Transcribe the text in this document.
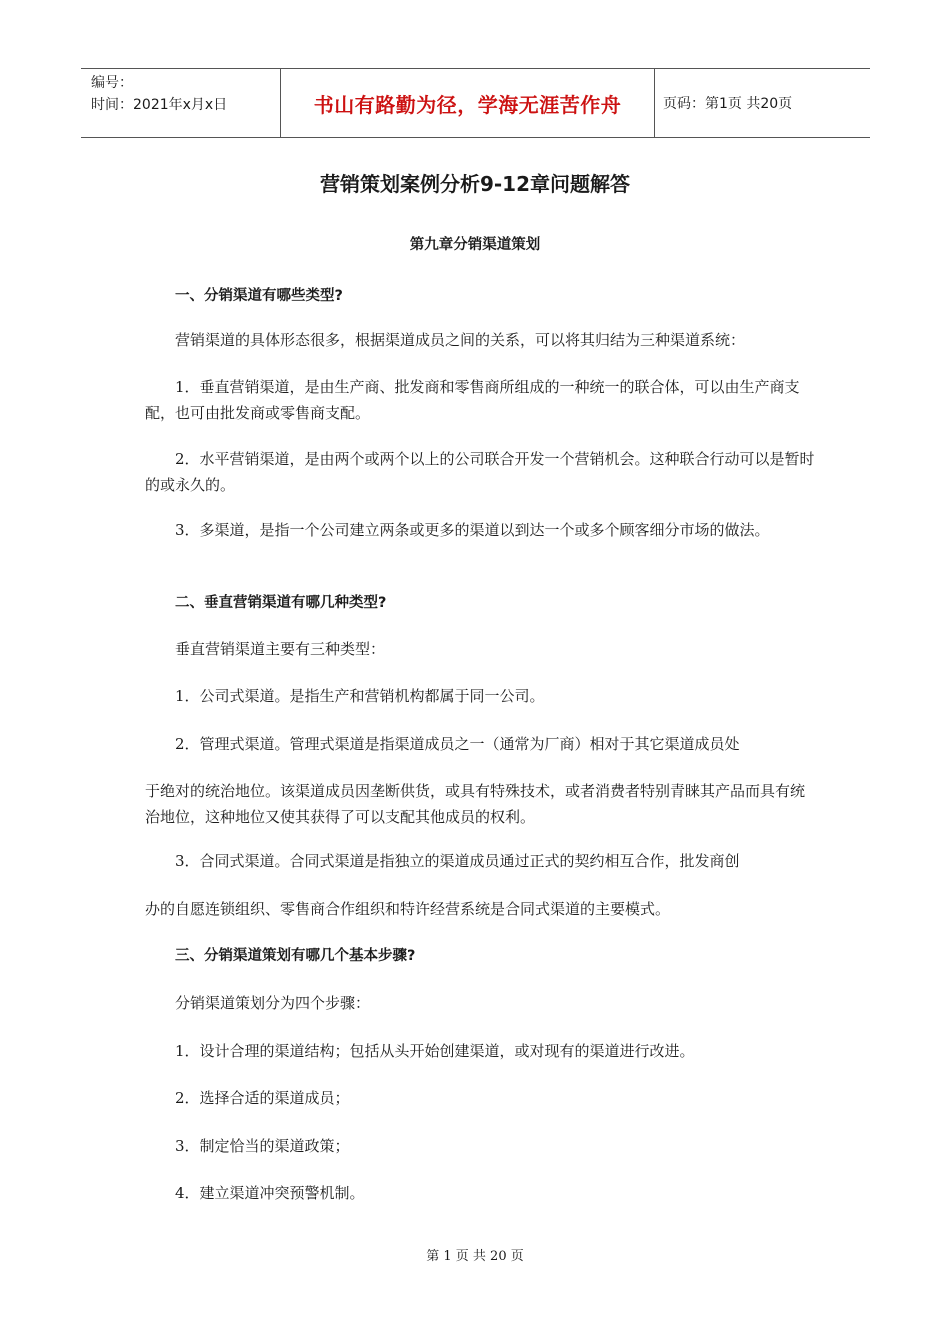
编号：
时间：2021年x月x日	书山有路勤为径，学海无涯苦作舟	页码：第1页 共20页
营销策划案例分析9-12章问题解答
第九章分销渠道策划

一、分销渠道有哪些类型?

营销渠道的具体形态很多，根据渠道成员之间的关系，可以将其归结为三种渠道系统：

1．垂直营销渠道，是由生产商、批发商和零售商所组成的一种统一的联合体，可以由生产商支配，也可由批发商或零售商支配。

2．水平营销渠道，是由两个或两个以上的公司联合开发一个营销机会。这种联合行动可以是暂时的或永久的。

3．多渠道，是指一个公司建立两条或更多的渠道以到达一个或多个顾客细分市场的做法。

二、垂直营销渠道有哪几种类型?

垂直营销渠道主要有三种类型：

1．公司式渠道。是指生产和营销机构都属于同一公司。

2．管理式渠道。管理式渠道是指渠道成员之一（通常为厂商）相对于其它渠道成员处

于绝对的统治地位。该渠道成员因垄断供货，或具有特殊技术，或者消费者特别青睐其产品而具有统治地位，这种地位又使其获得了可以支配其他成员的权利。

3．合同式渠道。合同式渠道是指独立的渠道成员通过正式的契约相互合作，批发商创

办的自愿连锁组织、零售商合作组织和特许经营系统是合同式渠道的主要模式。

三、分销渠道策划有哪几个基本步骤?

分销渠道策划分为四个步骤：

1．设计合理的渠道结构；包括从头开始创建渠道，或对现有的渠道进行改进。

2．选择合适的渠道成员；

3．制定恰当的渠道政策；

4．建立渠道冲突预警机制。

第 1 页 共 20 页
